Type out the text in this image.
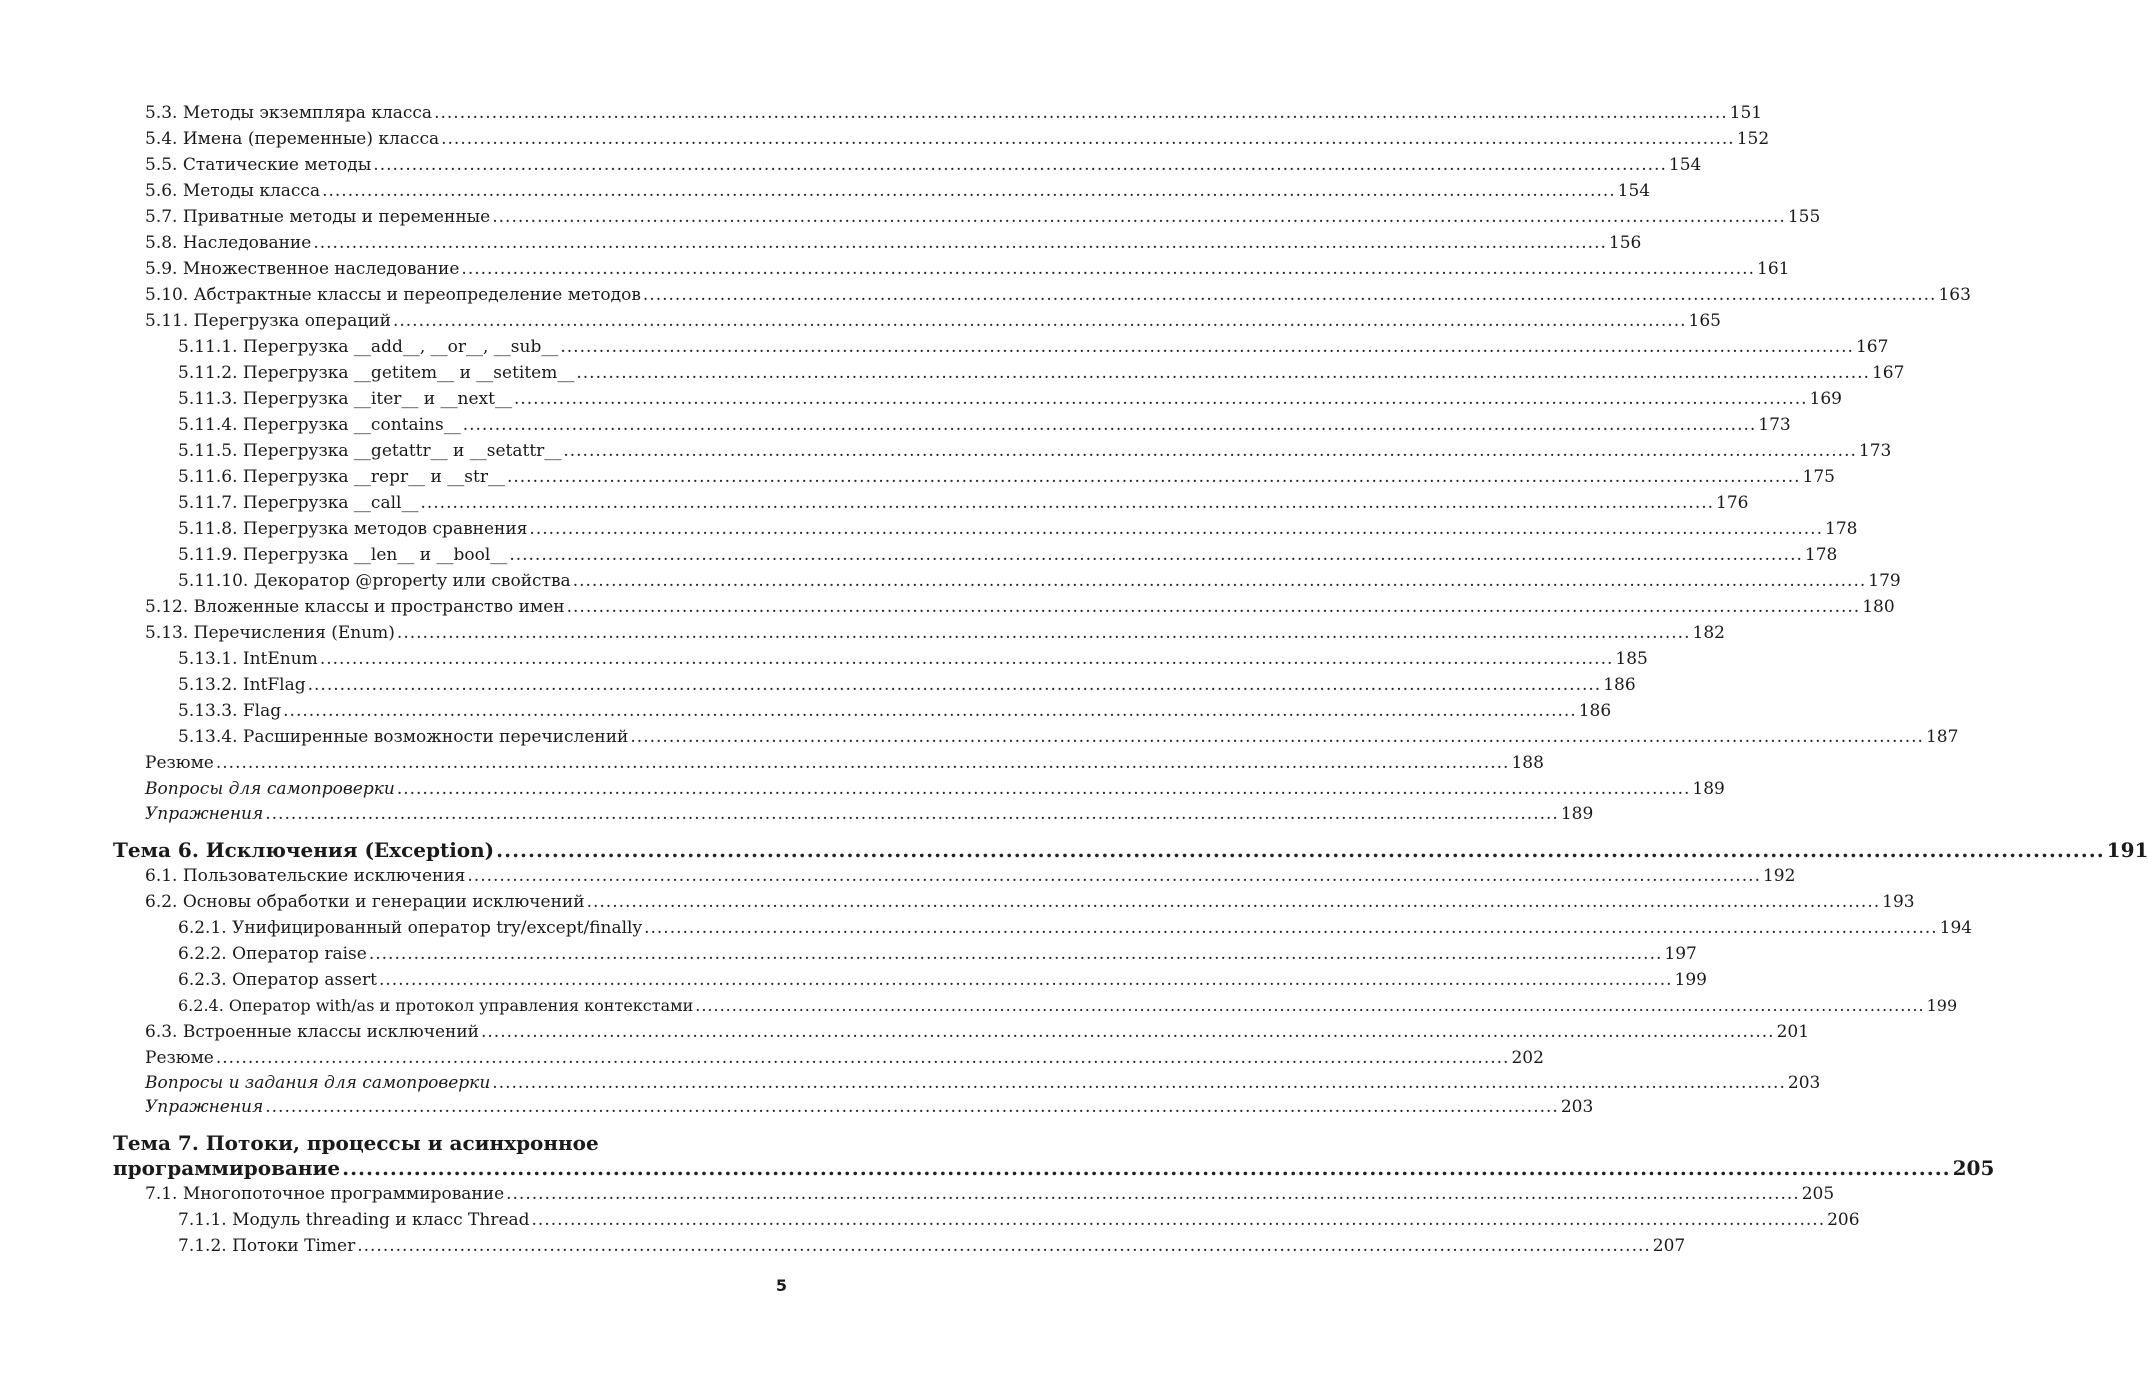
5.3. Методы экземпляра класса .......................................................................................................................................................................................................... 151
5.4. Имена (переменные) класса .......................................................................................................................................................................................................... 152
5.5. Статические методы .......................................................................................................................................................................................................... 154
5.6. Методы класса .......................................................................................................................................................................................................... 154
5.7. Приватные методы и переменные .......................................................................................................................................................................................................... 155
5.8. Наследование .......................................................................................................................................................................................................... 156
5.9. Множественное наследование .......................................................................................................................................................................................................... 161
5.10. Абстрактные классы и переопределение методов .......................................................................................................................................................................................................... 163
5.11. Перегрузка операций .......................................................................................................................................................................................................... 165
5.11.1. Перегрузка __add__, __or__, __sub__ .......................................................................................................................................................................................................... 167
5.11.2. Перегрузка __getitem__ и __setitem__ .......................................................................................................................................................................................................... 167
5.11.3. Перегрузка __iter__ и __next__ .......................................................................................................................................................................................................... 169
5.11.4. Перегрузка __contains__ .......................................................................................................................................................................................................... 173
5.11.5. Перегрузка __getattr__ и __setattr__ .......................................................................................................................................................................................................... 173
5.11.6. Перегрузка __repr__ и __str__ .......................................................................................................................................................................................................... 175
5.11.7. Перегрузка __call__ .......................................................................................................................................................................................................... 176
5.11.8. Перегрузка методов сравнения .......................................................................................................................................................................................................... 178
5.11.9. Перегрузка __len__ и __bool__ .......................................................................................................................................................................................................... 178
5.11.10. Декоратор @property или свойства .......................................................................................................................................................................................................... 179
5.12. Вложенные классы и пространство имен .......................................................................................................................................................................................................... 180
5.13. Перечисления (Enum) .......................................................................................................................................................................................................... 182
5.13.1. IntEnum .......................................................................................................................................................................................................... 185
5.13.2. IntFlag .......................................................................................................................................................................................................... 186
5.13.3. Flag .......................................................................................................................................................................................................... 186
5.13.4. Расширенные возможности перечислений .......................................................................................................................................................................................................... 187
Резюме .......................................................................................................................................................................................................... 188
Вопросы для самопроверки .......................................................................................................................................................................................................... 189
Упражнения .......................................................................................................................................................................................................... 189
Тема 6. Исключения (Exception) .......................................................................................................................................................................................................... 191
6.1. Пользовательские исключения .......................................................................................................................................................................................................... 192
6.2. Основы обработки и генерации исключений .......................................................................................................................................................................................................... 193
6.2.1. Унифицированный оператор try/except/finally .......................................................................................................................................................................................................... 194
6.2.2. Оператор raise .......................................................................................................................................................................................................... 197
6.2.3. Оператор assert .......................................................................................................................................................................................................... 199
6.2.4. Оператор with/as и протокол управления контекстами .......................................................................................................................................................................................................... 199
6.3. Встроенные классы исключений .......................................................................................................................................................................................................... 201
Резюме .......................................................................................................................................................................................................... 202
Вопросы и задания для самопроверки .......................................................................................................................................................................................................... 203
Упражнения .......................................................................................................................................................................................................... 203
Тема 7. Потоки, процессы и асинхронное
программирование .......................................................................................................................................................................................................... 205
7.1. Многопоточное программирование .......................................................................................................................................................................................................... 205
7.1.1. Модуль threading и класс Thread .......................................................................................................................................................................................................... 206
7.1.2. Потоки Timer .......................................................................................................................................................................................................... 207
5
